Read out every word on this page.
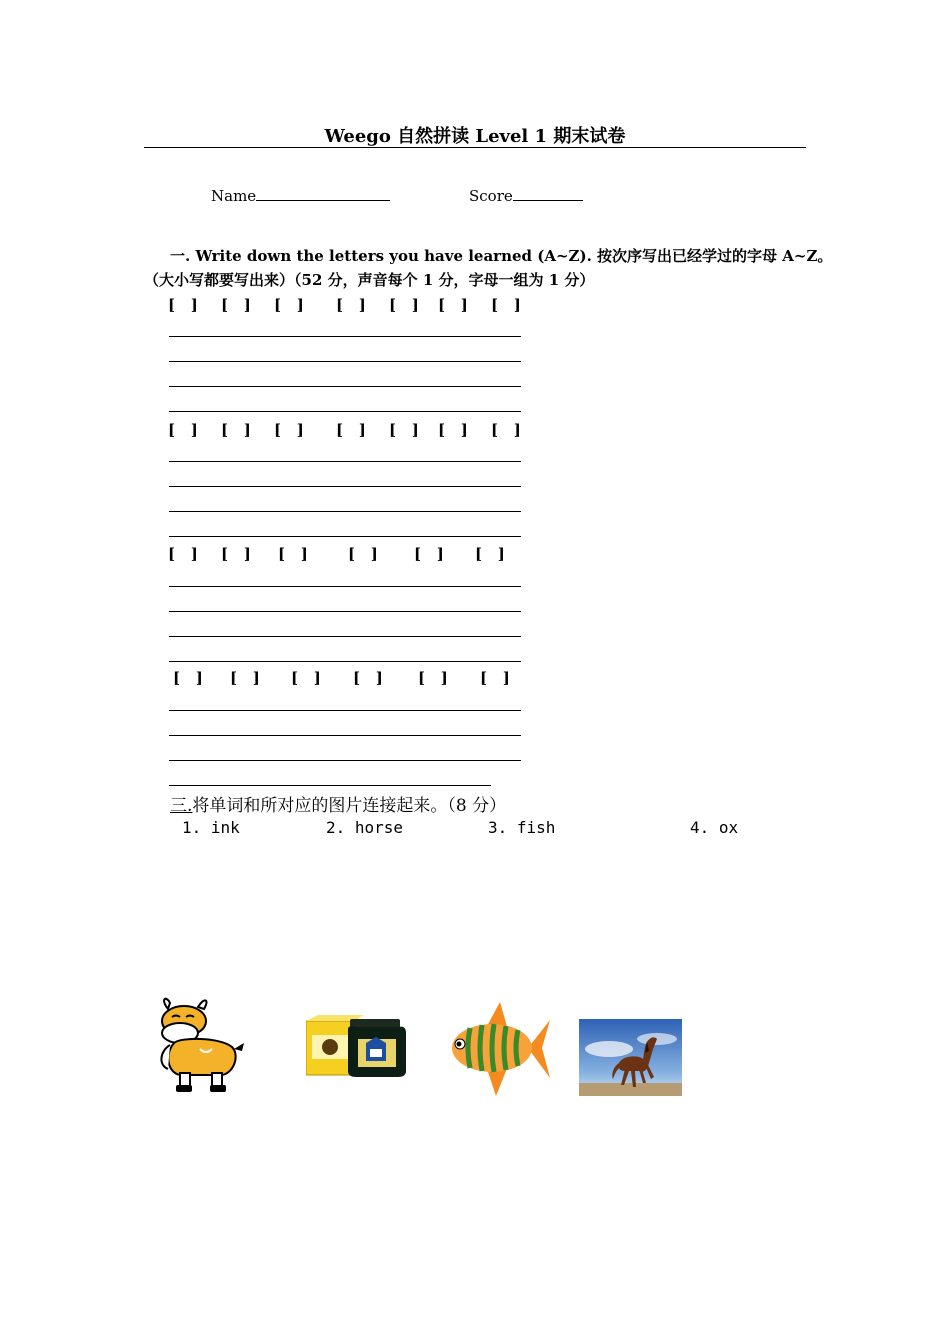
Weego 自然拼读 Level 1 期末试卷
Name	Score
一. Write down the letters you have learned (A~Z). 按次序写出已经学过的字母 A~Z。
（大小写都要写出来）（52 分，声音每个 1 分，字母一组为 1 分）
[   ] [   ] [   ] [   ] [   ] [   ] [   ]
[   ] [   ] [   ] [   ] [   ] [   ] [   ]
[   ] [   ] [   ]	[   ] [   ] [   ]
[   ] [   ] [   ] [   ] [   ] [   ]
三.将单词和所对应的图片连接起来。（8 分）
1. ink	2. horse	3. fish	4. ox
